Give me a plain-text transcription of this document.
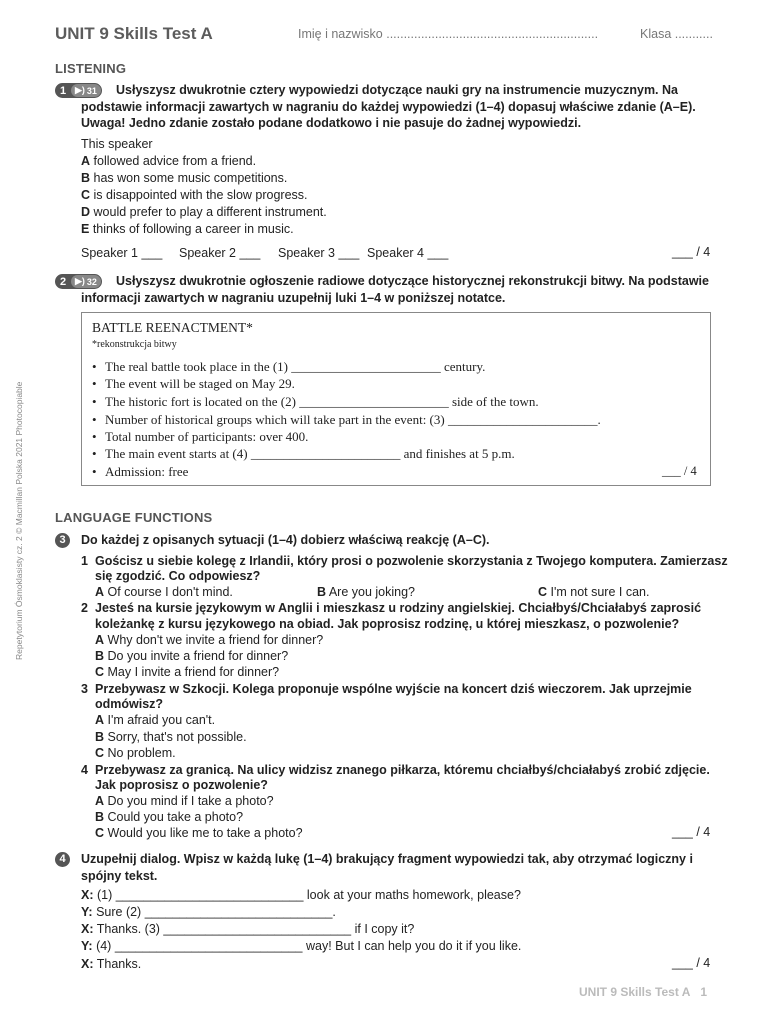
UNIT 9 Skills Test A	Imię i nazwisko .............................................................	Klasa ...........
LISTENING
1 ▶) 31	Usłyszysz dwukrotnie cztery wypowiedzi dotyczące nauki gry na instrumencie muzycznym. Na podstawie informacji zawartych w nagraniu do każdej wypowiedzi (1–4) dopasuj właściwe zdanie (A–E). Uwaga! Jedno zdanie zostało podane dodatkowo i nie pasuje do żadnej wypowiedzi.
This speaker
A followed advice from a friend.
B has won some music competitions.
C is disappointed with the slow progress.
D would prefer to play a different instrument.
E thinks of following a career in music.
Speaker 1 ___ Speaker 2 ___ Speaker 3 ___ Speaker 4 ___	___ / 4
2 ▶) 32	Usłyszysz dwukrotnie ogłoszenie radiowe dotyczące historycznej rekonstrukcji bitwy. Na podstawie informacji zawartych w nagraniu uzupełnij luki 1–4 w poniższej notatce.
BATTLE REENACTMENT*
*rekonstrukcja bitwy
• The real battle took place in the (1) _______________________ century.
• The event will be staged on May 29.
• The historic fort is located on the (2) _______________________ side of the town.
• Number of historical groups which will take part in the event: (3) _______________________.
• Total number of participants: over 400.
• The main event starts at (4) _______________________ and finishes at 5 p.m.
• Admission: free	___ / 4
LANGUAGE FUNCTIONS
3	Do każdej z opisanych sytuacji (1–4) dobierz właściwą reakcję (A–C).
1 Gościsz u siebie kolegę z Irlandii, który prosi o pozwolenie skorzystania z Twojego komputera. Zamierzasz
się zgodzić. Co odpowiesz?
A Of course I don't mind.	B Are you joking?	C I'm not sure I can.
2 Jesteś na kursie językowym w Anglii i mieszkasz u rodziny angielskiej. Chciałbyś/Chciałabyś zaprosić
koleżankę z kursu językowego na obiad. Jak poprosisz rodzinę, u której mieszkasz, o pozwolenie?
A Why don't we invite a friend for dinner?
B Do you invite a friend for dinner?
C May I invite a friend for dinner?
3 Przebywasz w Szkocji. Kolega proponuje wspólne wyjście na koncert dziś wieczorem. Jak uprzejmie
odmówisz?
A I'm afraid you can't.
B Sorry, that's not possible.
C No problem.
4 Przebywasz za granicą. Na ulicy widzisz znanego piłkarza, któremu chciałbyś/chciałabyś zrobić zdjęcie.
Jak poprosisz o pozwolenie?
A Do you mind if I take a photo?
B Could you take a photo?
C Would you like me to take a photo?	___ / 4
4	Uzupełnij dialog. Wpisz w każdą lukę (1–4) brakujący fragment wypowiedzi tak, aby otrzymać logiczny i spójny tekst.
X: (1) ___________________________ look at your maths homework, please?
Y: Sure (2) ___________________________.
X: Thanks. (3) ___________________________ if I copy it?
Y: (4) ___________________________ way! But I can help you do it if you like.
X: Thanks.	___ / 4
Repetytorium Ósmoklasisty cz. 2 © Macmillan Polska 2021 Photocopiable
UNIT 9 Skills Test A 1
